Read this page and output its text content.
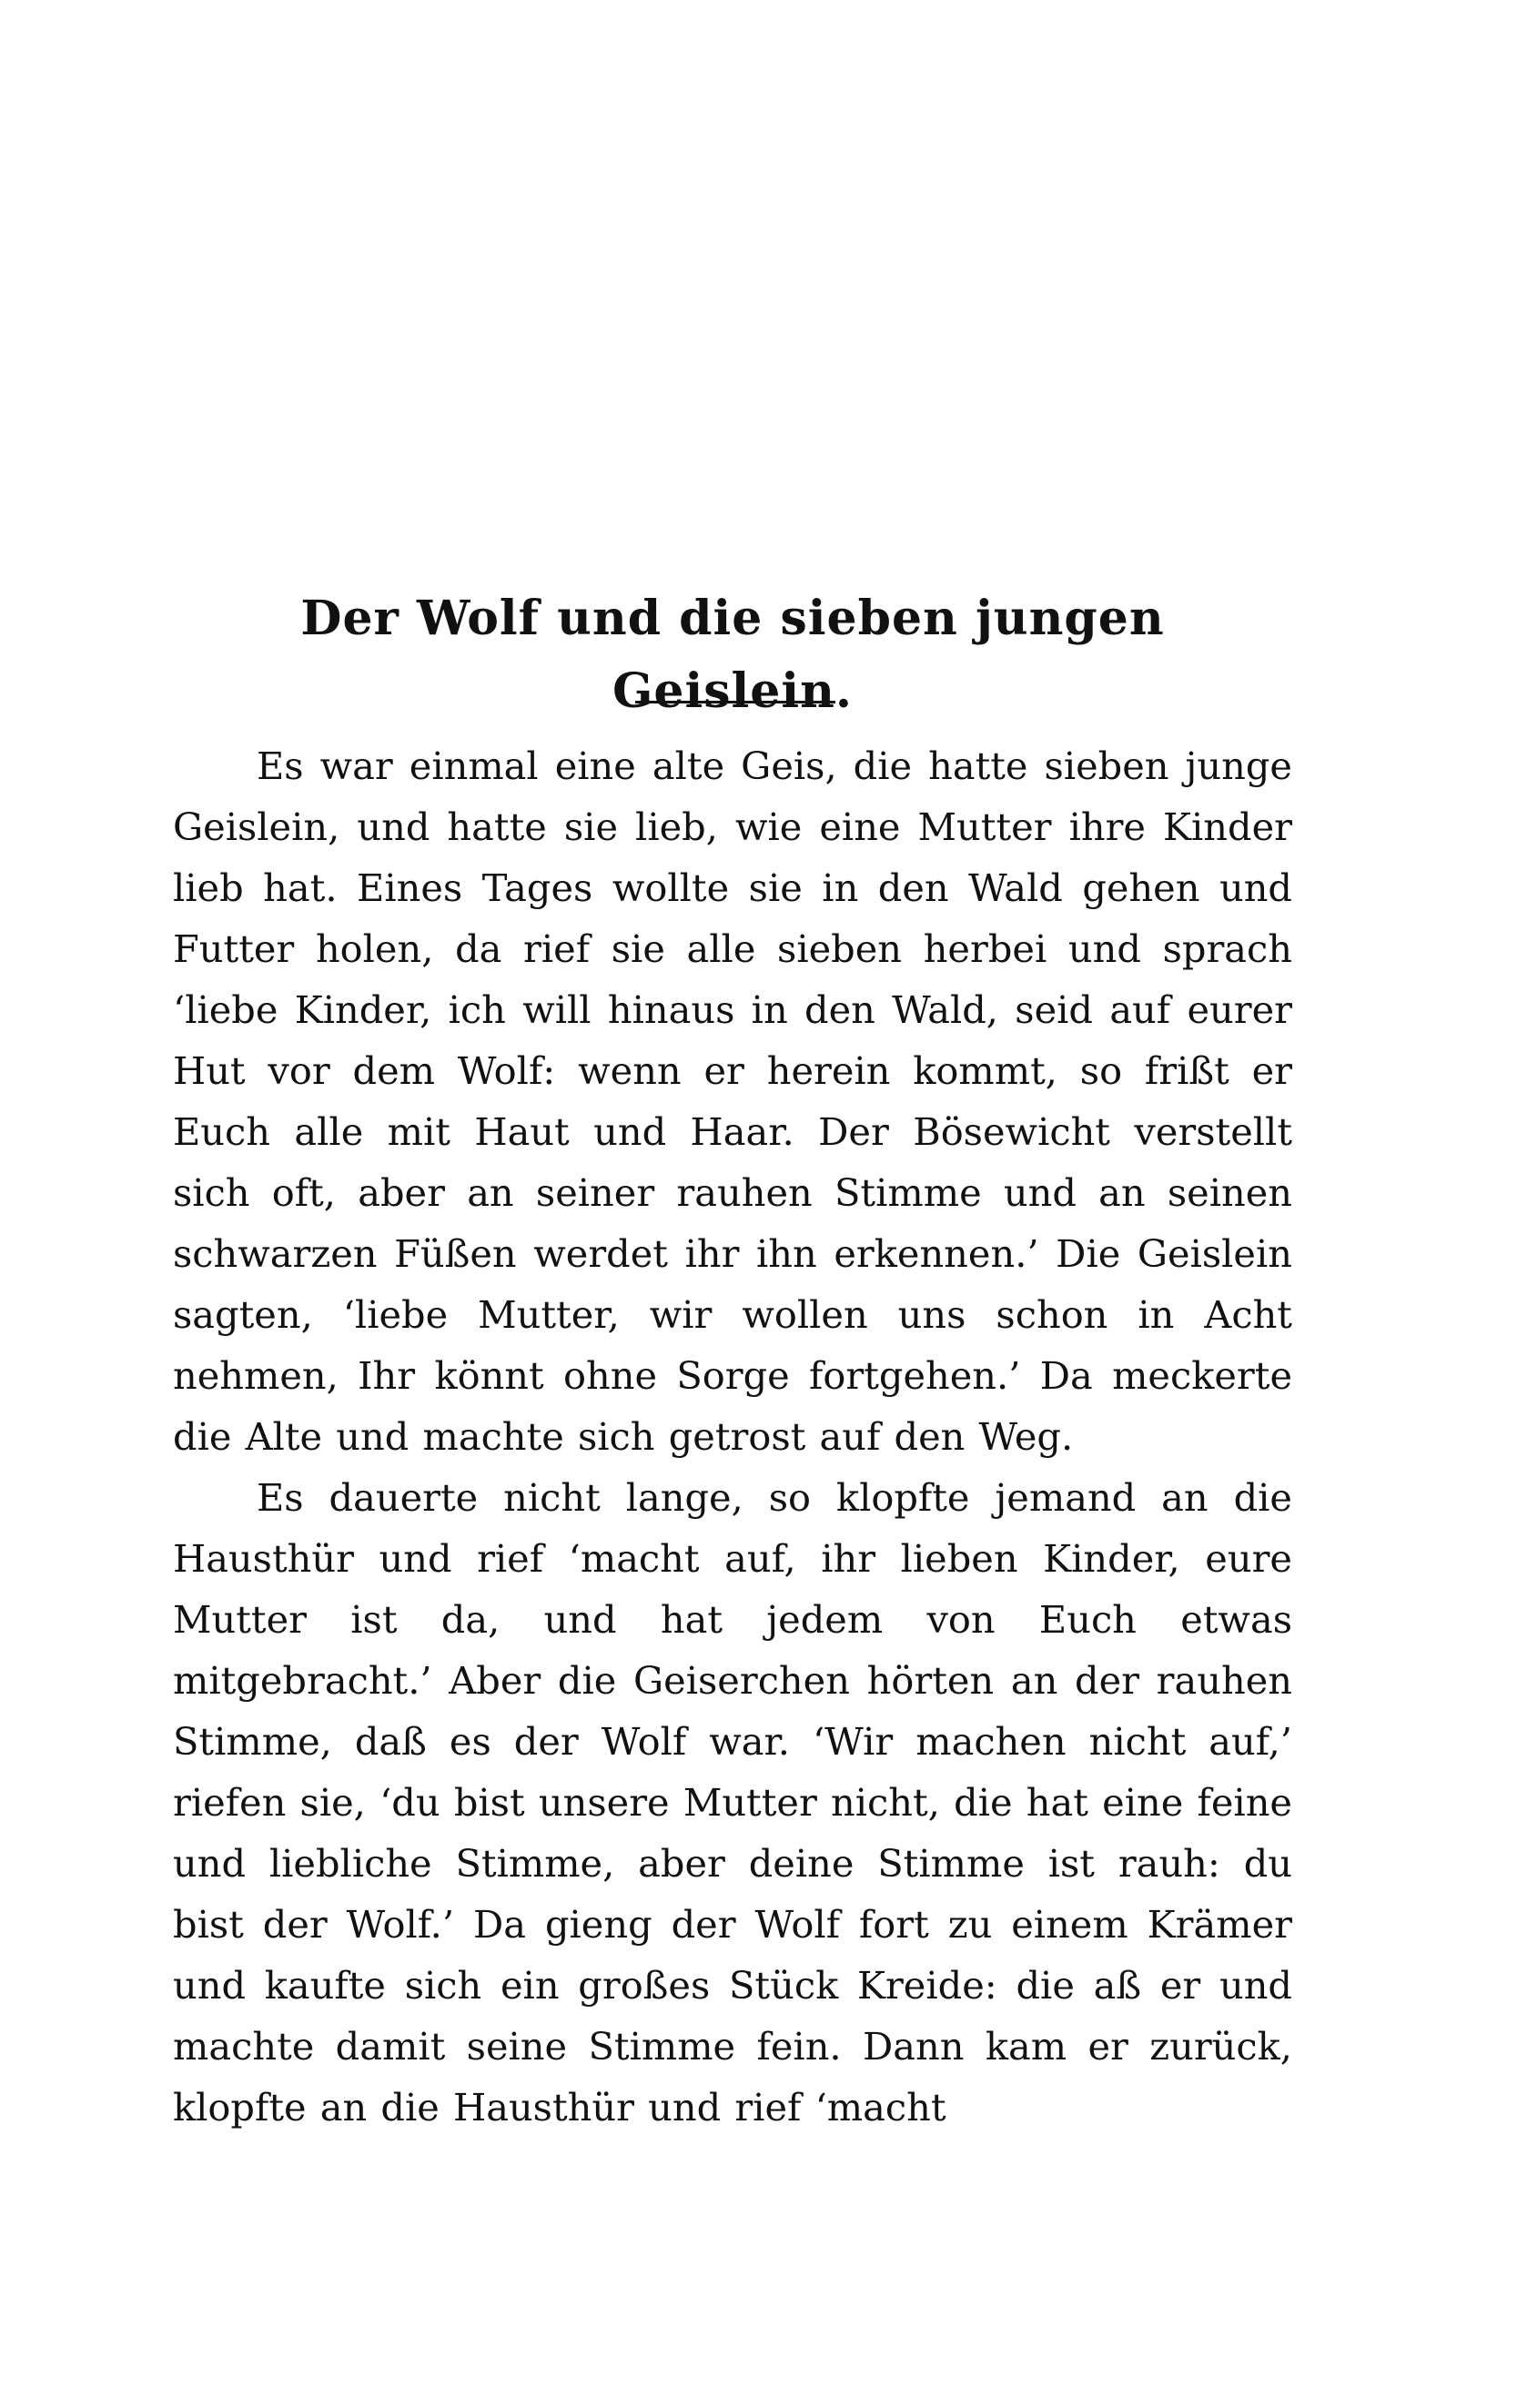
Der Wolf und die sieben jungen Geislein.

Es war einmal eine alte Geis, die hatte sieben junge Geislein, und hatte sie lieb, wie eine Mutter ihre Kinder lieb hat. Eines Tages wollte sie in den Wald gehen und Futter holen, da rief sie alle sieben herbei und sprach ‘liebe Kinder, ich will hinaus in den Wald, seid auf eurer Hut vor dem Wolf: wenn er herein kommt, so frißt er Euch alle mit Haut und Haar. Der Bösewicht verstellt sich oft, aber an seiner rauhen Stimme und an seinen schwarzen Füßen werdet ihr ihn erkennen.’ Die Geislein sagten, ‘liebe Mutter, wir wollen uns schon in Acht nehmen, Ihr könnt ohne Sorge fortgehen.’ Da meckerte die Alte und machte sich getrost auf den Weg.

Es dauerte nicht lange, so klopfte jemand an die Hausthür und rief ‘macht auf, ihr lieben Kinder, eure Mutter ist da, und hat jedem von Euch etwas mitgebracht.’ Aber die Geiserchen hörten an der rauhen Stimme, daß es der Wolf war. ‘Wir machen nicht auf,’ riefen sie, ‘du bist unsere Mutter nicht, die hat eine feine und liebliche Stimme, aber deine Stimme ist rauh: du bist der Wolf.’ Da gieng der Wolf fort zu einem Krämer und kaufte sich ein großes Stück Kreide: die aß er und machte damit seine Stimme fein. Dann kam er zurück, klopfte an die Hausthür und rief ‘macht
